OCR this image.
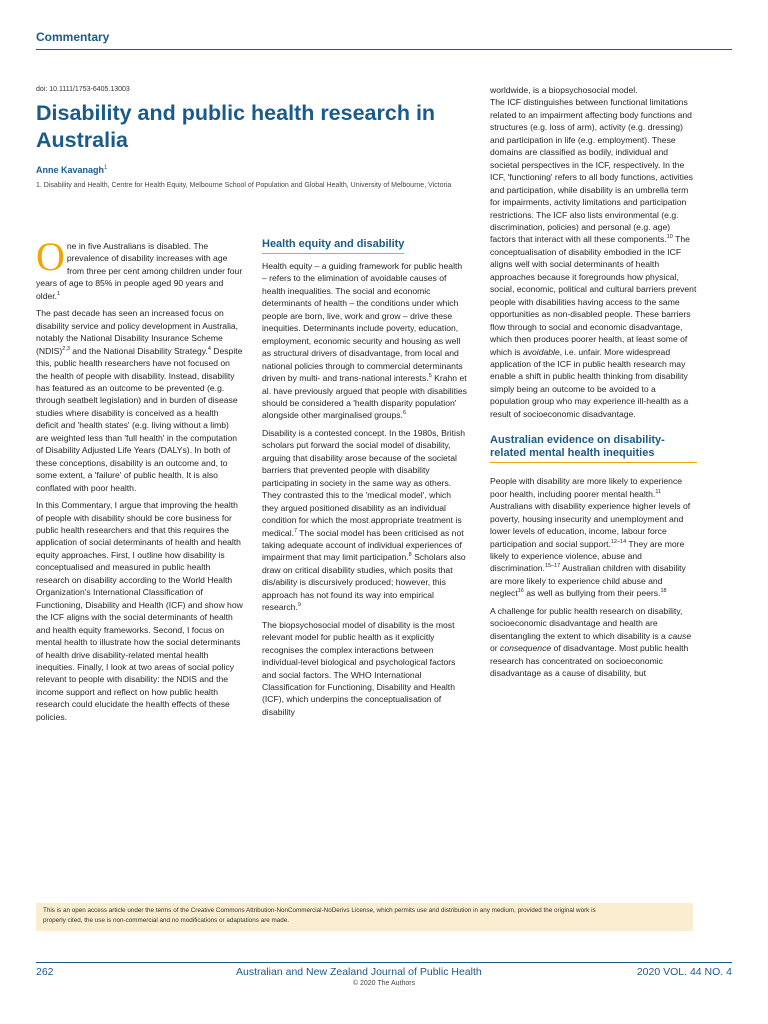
Commentary
doi: 10.1111/1753-6405.13003
Disability and public health research in Australia
Anne Kavanagh$^1$
1. Disability and Health, Centre for Health Equity, Melbourne School of Population and Global Health, University of Melbourne, Victoria

One in five Australians is disabled. The prevalence of disability increases with age from three per cent among children under four years of age to 85% in people aged 90 years and older.$^1$

The past decade has seen an increased focus on disability service and policy development in Australia, notably the National Disability Insurance Scheme (NDIS)$^{2,3}$ and the National Disability Strategy.$^4$ Despite this, public health researchers have not focused on the health of people with disability. Instead, disability has featured as an outcome to be prevented (e.g. through seatbelt legislation) and in burden of disease studies where disability is conceived as a health deficit and 'health states' (e.g. living without a limb) are weighted less than 'full health' in the computation of Disability Adjusted Life Years (DALYs). In both of these conceptions, disability is an outcome and, to some extent, a 'failure' of public health. It is also conflated with poor health.

In this Commentary, I argue that improving the health of people with disability should be core business for public health researchers and that this requires the application of social determinants of health and health equity approaches. First, I outline how disability is conceptualised and measured in public health research on disability according to the World Health Organization's International Classification of Functioning, Disability and Health (ICF) and show how the ICF aligns with the social determinants of health and health equity frameworks. Second, I focus on mental health to illustrate how the social determinants of health drive disability-related mental health inequities. Finally, I look at two areas of social policy relevant to people with disability: the NDIS and the income support and reflect on how public health research could elucidate the health effects of these policies.

Health equity and disability

Health equity – a guiding framework for public health – refers to the elimination of avoidable causes of health inequalities. The social and economic determinants of health – the conditions under which people are born, live, work and grow – drive these inequities. Determinants include poverty, education, employment, economic security and housing as well as structural drivers of disadvantage, from local and national policies through to commercial determinants driven by multi- and trans-national interests.$^5$ Krahn et al. have previously argued that people with disabilities should be considered a 'health disparity population' alongside other marginalised groups.$^6$

Disability is a contested concept. In the 1980s, British scholars put forward the social model of disability, arguing that disability arose because of the societal barriers that prevented people with disability participating in society in the same way as others. They contrasted this to the 'medical model', which they argued positioned disability as an individual condition for which the most appropriate treatment is medical.$^7$ The social model has been criticised as not taking adequate account of individual experiences of impairment that may limit participation.$^8$ Scholars also draw on critical disability studies, which posits that dis/ability is discursively produced; however, this approach has not found its way into empirical research.$^9$

The biopsychosocial model of disability is the most relevant model for public health as it explicitly recognises the complex interactions between individual-level biological and psychological factors and social factors. The WHO International Classification for Functioning, Disability and Health (ICF), which underpins the conceptualisation of disability

worldwide, is a biopsychosocial model.

The ICF distinguishes between functional limitations related to an impairment affecting body functions and structures (e.g. loss of arm), activity (e.g. dressing) and participation in life (e.g. employment). These domains are classified as bodily, individual and societal perspectives in the ICF, respectively. In the ICF, 'functioning' refers to all body functions, activities and participation, while disability is an umbrella term for impairments, activity limitations and participation restrictions. The ICF also lists environmental (e.g. discrimination, policies) and personal (e.g. age) factors that interact with all these components.$^{10}$ The conceptualisation of disability embodied in the ICF aligns well with social determinants of health approaches because it foregrounds how physical, social, economic, political and cultural barriers prevent people with disabilities having access to the same opportunities as non-disabled people. These barriers flow through to social and economic disadvantage, which then produces poorer health, at least some of which is avoidable, i.e. unfair. More widespread application of the ICF in public health research may enable a shift in public health thinking from disability simply being an outcome to be avoided to a population group who may experience ill-health as a result of socioeconomic disadvantage.

Australian evidence on disability-related mental health inequities

People with disability are more likely to experience poor health, including poorer mental health.$^{11}$ Australians with disability experience higher levels of poverty, housing insecurity and unemployment and lower levels of education, income, labour force participation and social support.$^{12-14}$ They are more likely to experience violence, abuse and discrimination.$^{15-17}$ Australian children with disability are more likely to experience child abuse and neglect$^{16}$ as well as bullying from their peers.$^{18}$

A challenge for public health research on disability, socioeconomic disadvantage and health are disentangling the extent to which disability is a cause or consequence of disadvantage. Most public health research has concentrated on socioeconomic disadvantage as a cause of disability, but

This is an open access article under the terms of the Creative Commons Attribution-NonCommercial-NoDerivs License, which permits use and distribution in any medium, provided the original work is
properly cited, the use is non-commercial and no modifications or adaptations are made.
262	Australian and New Zealand Journal of Public Health	2020 VOL. 44 NO. 4
© 2020 The Authors
